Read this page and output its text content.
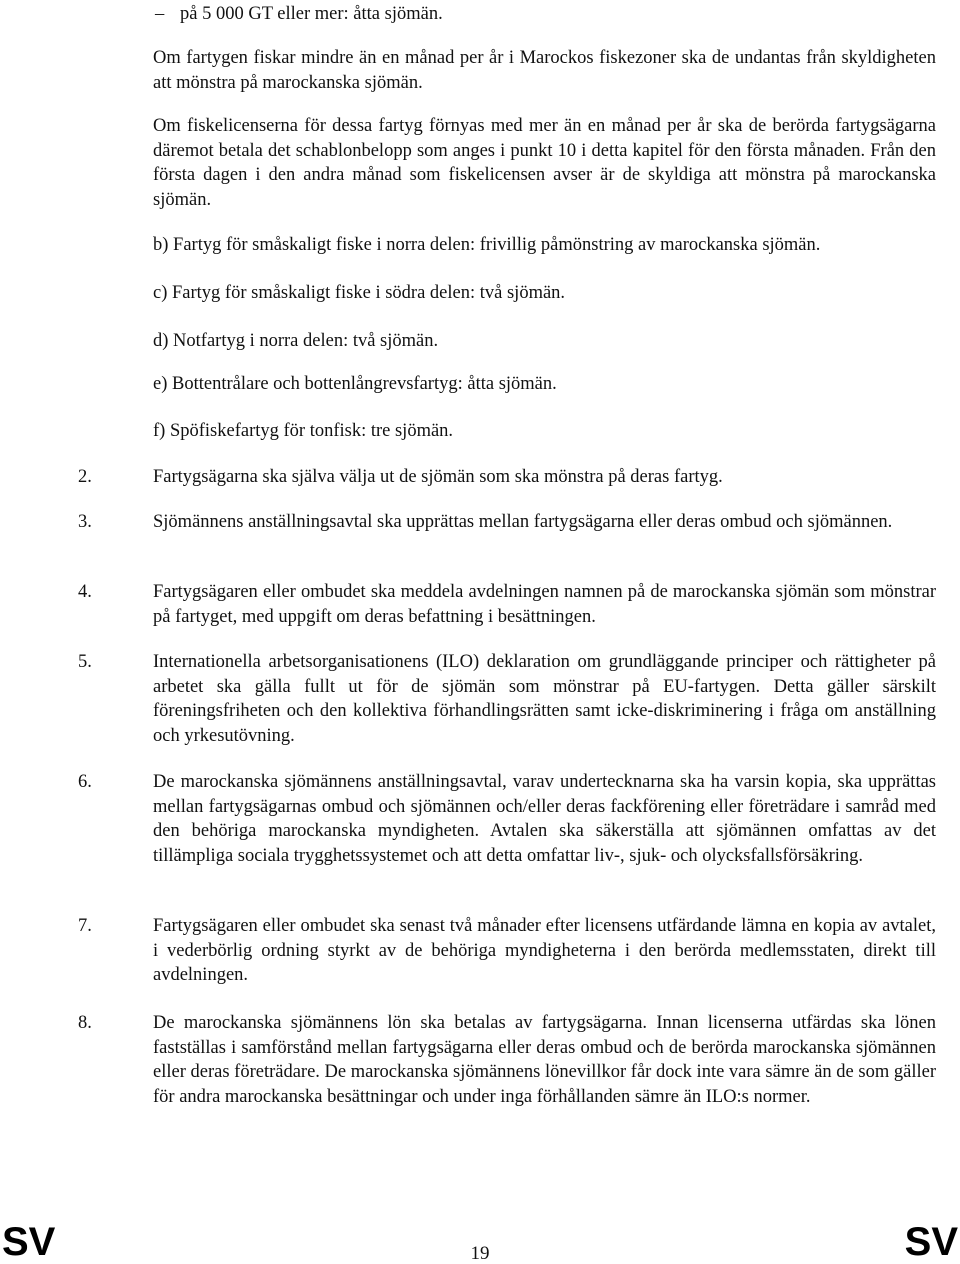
– på 5 000 GT eller mer: åtta sjömän.

Om fartygen fiskar mindre än en månad per år i Marockos fiskezoner ska de undantas från skyldigheten att mönstra på marockanska sjömän.

Om fiskelicenserna för dessa fartyg förnyas med mer än en månad per år ska de berörda fartygsägarna däremot betala det schablonbelopp som anges i punkt 10 i detta kapitel för den första månaden. Från den första dagen i den andra månad som fiskelicensen avser är de skyldiga att mönstra på marockanska sjömän.

b) Fartyg för småskaligt fiske i norra delen: frivillig påmönstring av marockanska sjömän.
c) Fartyg för småskaligt fiske i södra delen: två sjömän.
d) Notfartyg i norra delen: två sjömän.
e) Bottentrålare och bottenlångrevsfartyg: åtta sjömän.
f) Spöfiskefartyg för tonfisk: tre sjömän.
2.	Fartygsägarna ska själva välja ut de sjömän som ska mönstra på deras fartyg.

3.	Sjömännens anställningsavtal ska upprättas mellan fartygsägarna eller deras ombud och sjömännen.

4.	Fartygsägaren eller ombudet ska meddela avdelningen namnen på de marockanska sjömän som mönstrar på fartyget, med uppgift om deras befattning i besättningen.

5.	Internationella arbetsorganisationens (ILO) deklaration om grundläggande principer och rättigheter på arbetet ska gälla fullt ut för de sjömän som mönstrar på EU-fartygen. Detta gäller särskilt föreningsfriheten och den kollektiva förhandlingsrätten samt icke-diskriminering i fråga om anställning och yrkesutövning.

6.	De marockanska sjömännens anställningsavtal, varav undertecknarna ska ha varsin kopia, ska upprättas mellan fartygsägarnas ombud och sjömännen och/eller deras fackförening eller företrädare i samråd med den behöriga marockanska myndigheten. Avtalen ska säkerställa att sjömännen omfattas av det tillämpliga sociala trygghetssystemet och att detta omfattar liv-, sjuk- och olycksfallsförsäkring.

7.	Fartygsägaren eller ombudet ska senast två månader efter licensens utfärdande lämna en kopia av avtalet, i vederbörlig ordning styrkt av de behöriga myndigheterna i den berörda medlemsstaten, direkt till avdelningen.

8.	De marockanska sjömännens lön ska betalas av fartygsägarna. Innan licenserna utfärdas ska lönen fastställas i samförstånd mellan fartygsägarna eller deras ombud och de berörda marockanska sjömännen eller deras företrädare. De marockanska sjömännens lönevillkor får dock inte vara sämre än de som gäller för andra marockanska besättningar och under inga förhållanden sämre än ILO:s normer.

SV	19	SV
